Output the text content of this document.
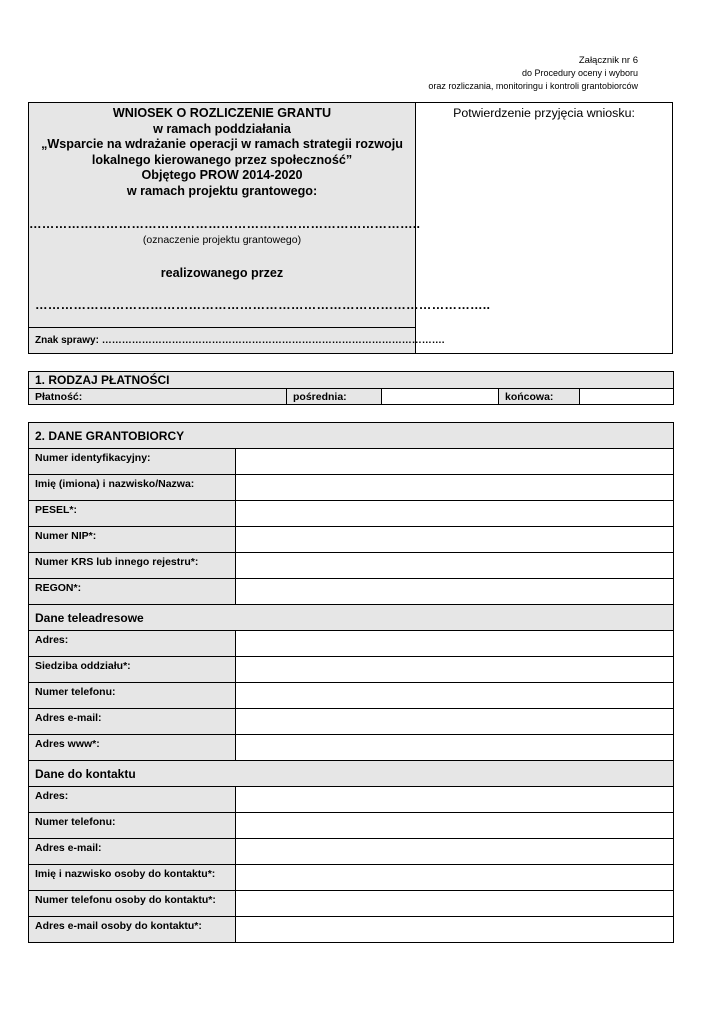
Załącznik nr 6
do Procedury oceny i wyboru
oraz rozliczania, monitoringu i kontroli grantobiorców
WNIOSEK O ROZLICZENIE GRANTU
w ramach poddziałania
„Wsparcie na wdrażanie operacji w ramach strategii rozwoju
lokalnego kierowanego przez społeczność”
Objętego PROW 2014-2020
w ramach projektu grantowego:
………………………………………………………………………………..
(oznaczenie projektu grantowego)
realizowanego przez
……………………………………………………………………………………………..
Znak sprawy: ………………………………………………………………………………………….
Potwierdzenie przyjęcia wniosku:
1. RODZAJ PŁATNOŚCI
Płatność:	pośrednia:		końcowa:	
2. DANE GRANTOBIORCY	
Numer identyfikacyjny:	
Imię (imiona) i nazwisko/Nazwa:	
PESEL*:	
Numer NIP*:	
Numer KRS lub innego rejestru*:	
REGON*:	
Dane teleadresowe	
Adres:	
Siedziba oddziału*:	
Numer telefonu:	
Adres e-mail:	
Adres www*:	
Dane do kontaktu	
Adres:	
Numer telefonu:	
Adres e-mail:	
Imię i nazwisko osoby do kontaktu*:	
Numer telefonu osoby do kontaktu*:	
Adres e-mail osoby do kontaktu*:	
